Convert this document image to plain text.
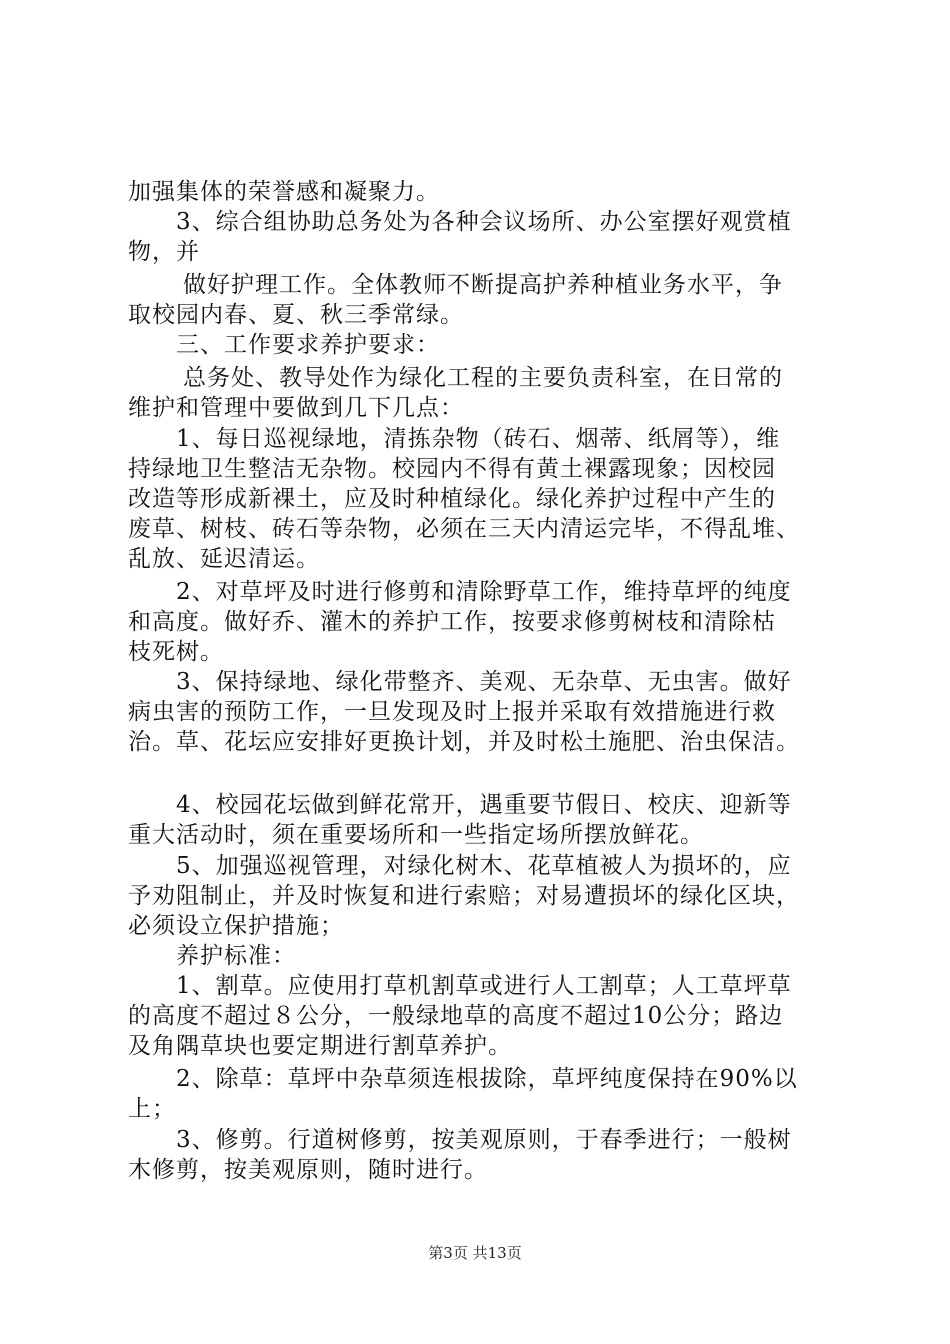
加强集体的荣誉感和凝聚力。
3、综合组协助总务处为各种会议场所、办公室摆好观赏植
物，并
做好护理工作。全体教师不断提高护养种植业务水平，争
取校园内春、夏、秋三季常绿。
三、工作要求养护要求：
总务处、教导处作为绿化工程的主要负责科室，在日常的
维护和管理中要做到几下几点：
1、每日巡视绿地，清拣杂物（砖石、烟蒂、纸屑等），维
持绿地卫生整洁无杂物。校园内不得有黄土裸露现象；因校园
改造等形成新裸土，应及时种植绿化。绿化养护过程中产生的
废草、树枝、砖石等杂物，必须在三天内清运完毕，不得乱堆、
乱放、延迟清运。
2、对草坪及时进行修剪和清除野草工作，维持草坪的纯度
和高度。做好乔、灌木的养护工作，按要求修剪树枝和清除枯
枝死树。
3、保持绿地、绿化带整齐、美观、无杂草、无虫害。做好
病虫害的预防工作，一旦发现及时上报并采取有效措施进行救
治。草、花坛应安排好更换计划，并及时松土施肥、治虫保洁。
4、校园花坛做到鲜花常开，遇重要节假日、校庆、迎新等
重大活动时，须在重要场所和一些指定场所摆放鲜花。
5、加强巡视管理，对绿化树木、花草植被人为损坏的，应
予劝阻制止，并及时恢复和进行索赔；对易遭损坏的绿化区块，
必须设立保护措施；
养护标准：
1、割草。应使用打草机割草或进行人工割草；人工草坪草
的高度不超过８公分，一般绿地草的高度不超过10公分；路边
及角隅草块也要定期进行割草养护。
2、除草：草坪中杂草须连根拔除，草坪纯度保持在90%以
上；
3、修剪。行道树修剪，按美观原则，于春季进行；一般树
木修剪，按美观原则，随时进行。
第3页 共13页
